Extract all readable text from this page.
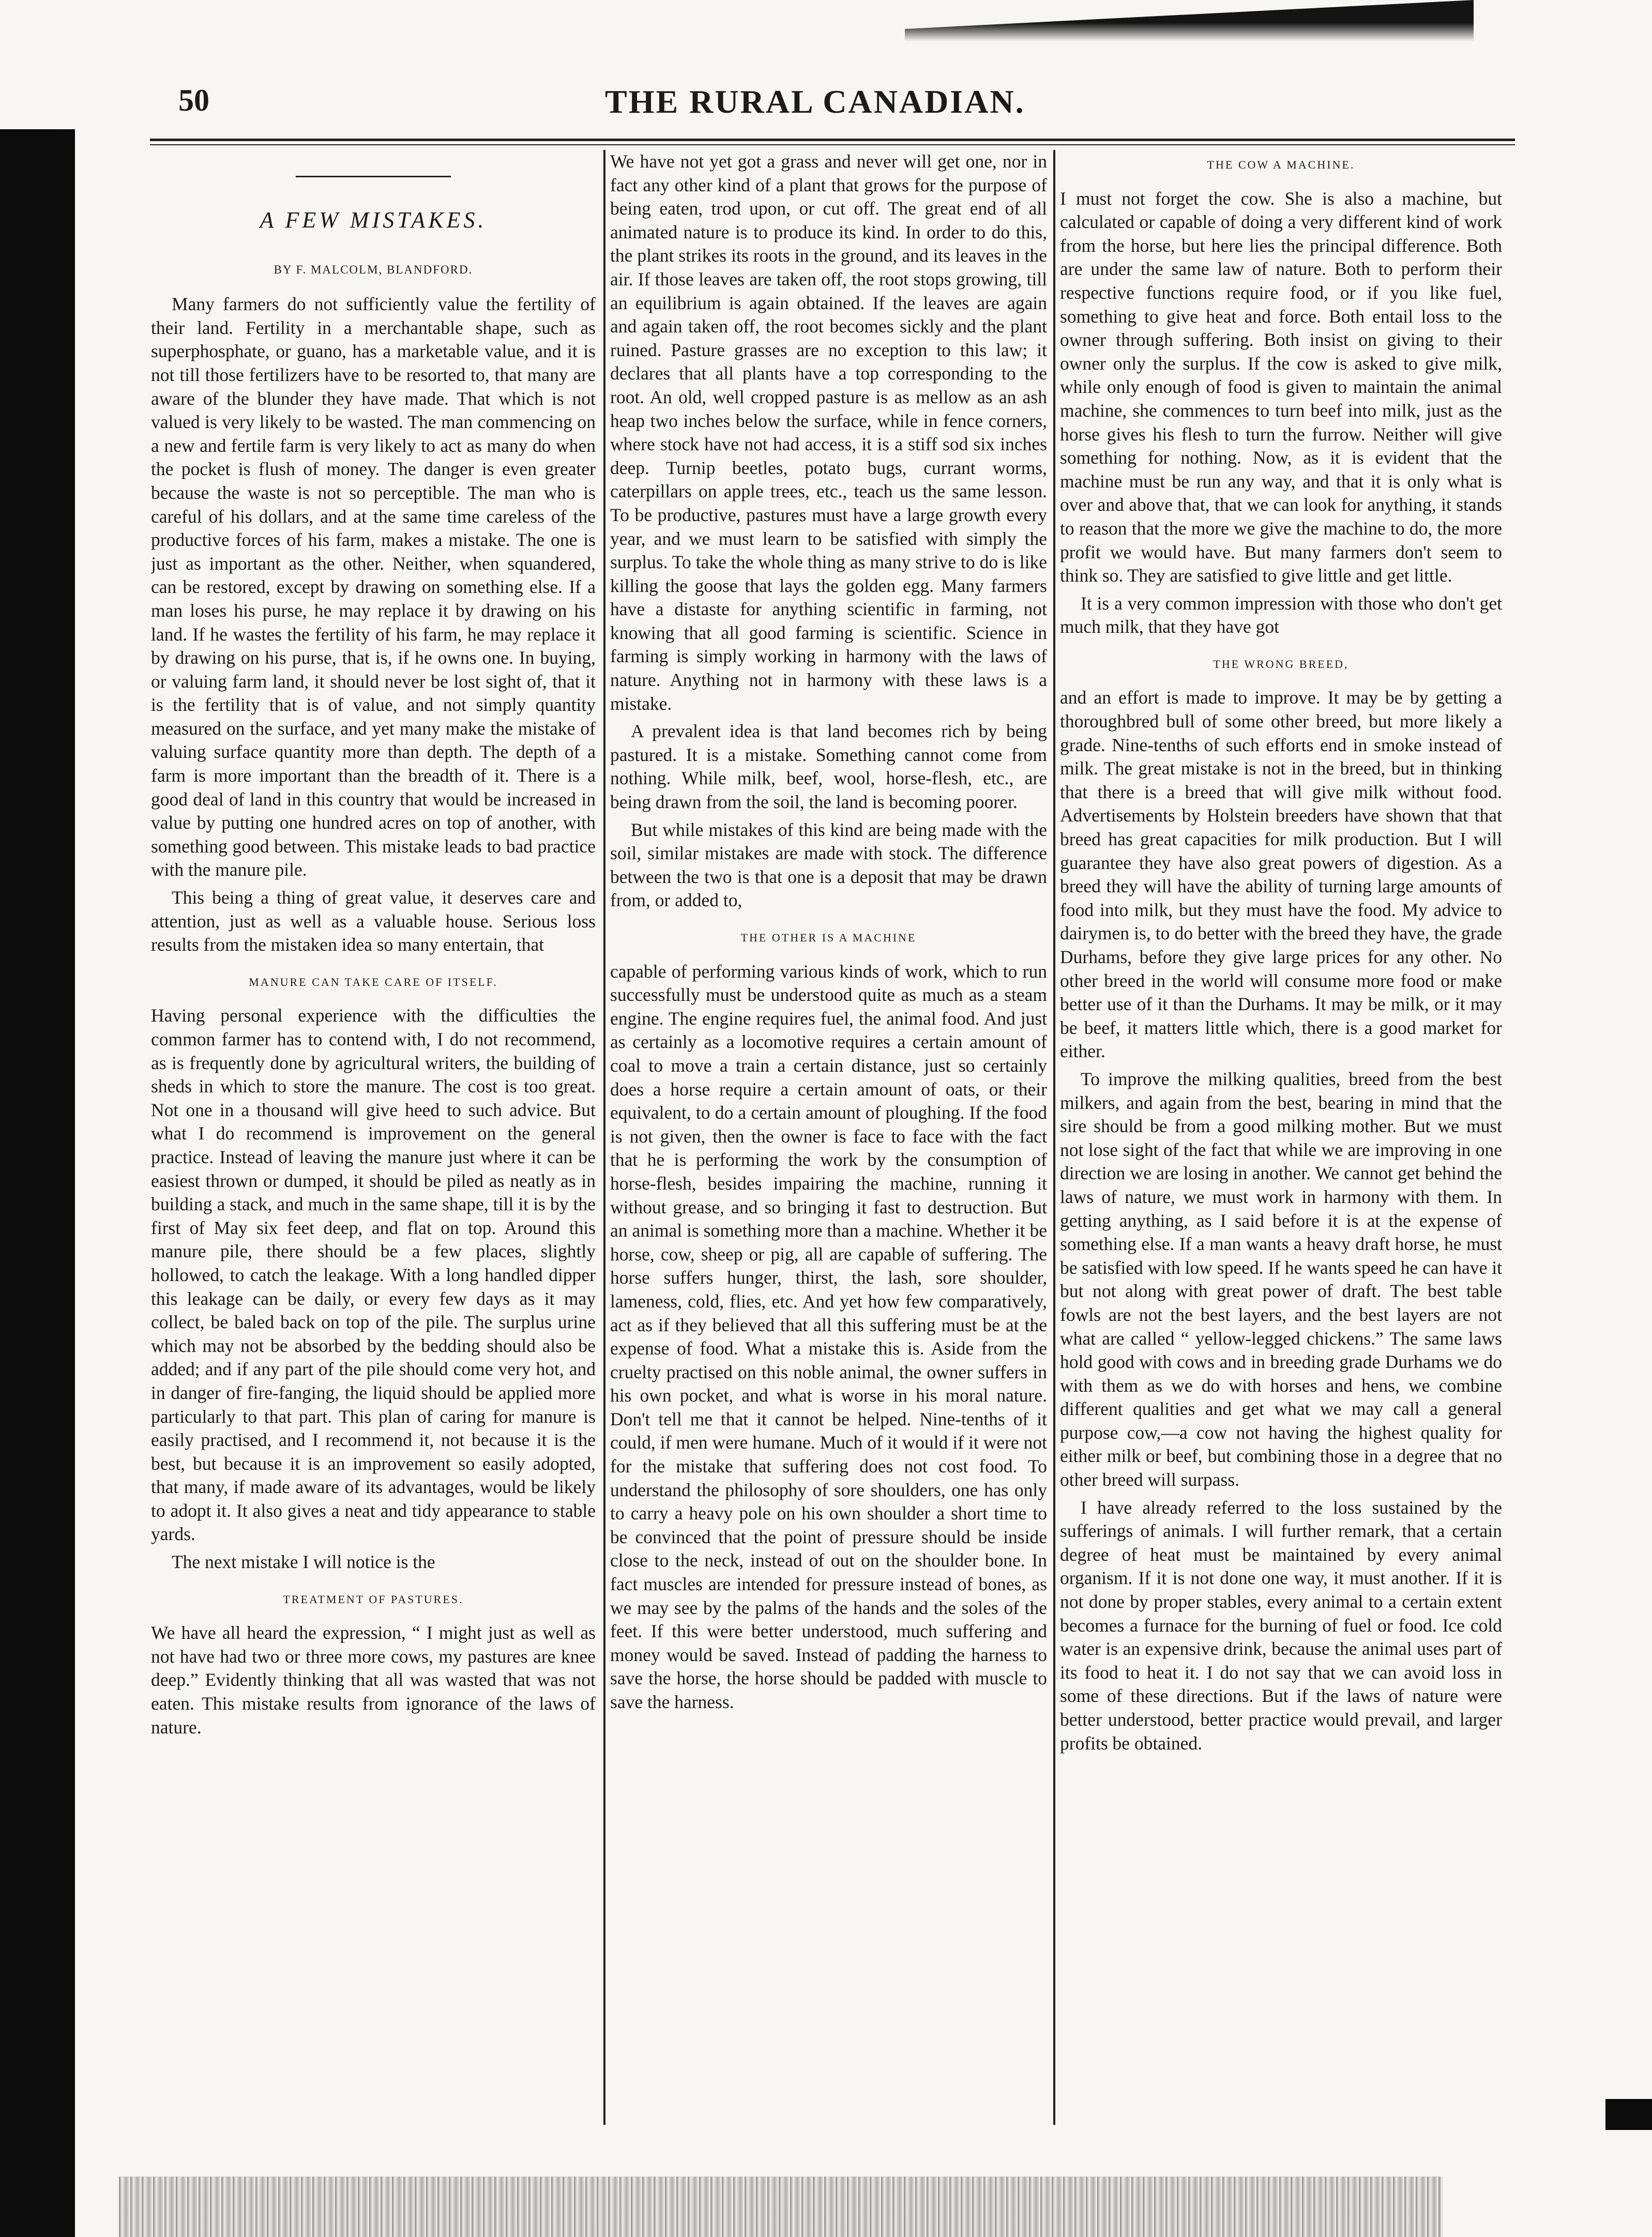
50	THE RURAL CANADIAN.
A FEW MISTAKES.
BY F. MALCOLM, BLANDFORD.

Many farmers do not sufficiently value the fertility of their land. Fertility in a merchantable shape, such as superphosphate, or guano, has a marketable value, and it is not till those fertilizers have to be resorted to, that many are aware of the blunder they have made. That which is not valued is very likely to be wasted. The man commencing on a new and fertile farm is very likely to act as many do when the pocket is flush of money. The danger is even greater because the waste is not so perceptible. The man who is careful of his dollars, and at the same time careless of the productive forces of his farm, makes a mistake. The one is just as important as the other. Neither, when squandered, can be restored, except by drawing on something else. If a man loses his purse, he may replace it by drawing on his land. If he wastes the fertility of his farm, he may replace it by drawing on his purse, that is, if he owns one. In buying, or valuing farm land, it should never be lost sight of, that it is the fertility that is of value, and not simply quantity measured on the surface, and yet many make the mistake of valuing surface quantity more than depth. The depth of a farm is more important than the breadth of it. There is a good deal of land in this country that would be increased in value by putting one hundred acres on top of another, with something good between. This mistake leads to bad practice with the manure pile.

This being a thing of great value, it deserves care and attention, just as well as a valuable house. Serious loss results from the mistaken idea so many entertain, that

MANURE CAN TAKE CARE OF ITSELF.

Having personal experience with the difficulties the common farmer has to contend with, I do not recommend, as is frequently done by agricultural writers, the building of sheds in which to store the manure. The cost is too great. Not one in a thousand will give heed to such advice. But what I do recommend is improvement on the general practice. Instead of leaving the manure just where it can be easiest thrown or dumped, it should be piled as neatly as in building a stack, and much in the same shape, till it is by the first of May six feet deep, and flat on top. Around this manure pile, there should be a few places, slightly hollowed, to catch the leakage. With a long handled dipper this leakage can be daily, or every few days as it may collect, be baled back on top of the pile. The surplus urine which may not be absorbed by the bedding should also be added; and if any part of the pile should come very hot, and in danger of fire-fanging, the liquid should be applied more particularly to that part. This plan of caring for manure is easily practised, and I recommend it, not because it is the best, but because it is an improvement so easily adopted, that many, if made aware of its advantages, would be likely to adopt it. It also gives a neat and tidy appearance to stable yards.

The next mistake I will notice is the

TREATMENT OF PASTURES.

We have all heard the expression, “ I might just as well as not have had two or three more cows, my pastures are knee deep.” Evidently thinking that all was wasted that was not eaten. This mistake results from ignorance of the laws of nature.

We have not yet got a grass and never will get one, nor in fact any other kind of a plant that grows for the purpose of being eaten, trod upon, or cut off. The great end of all animated nature is to produce its kind. In order to do this, the plant strikes its roots in the ground, and its leaves in the air. If those leaves are taken off, the root stops growing, till an equilibrium is again obtained. If the leaves are again and again taken off, the root becomes sickly and the plant ruined. Pasture grasses are no exception to this law; it declares that all plants have a top corresponding to the root. An old, well cropped pasture is as mellow as an ash heap two inches below the surface, while in fence corners, where stock have not had access, it is a stiff sod six inches deep. Turnip beetles, potato bugs, currant worms, caterpillars on apple trees, etc., teach us the same lesson. To be productive, pastures must have a large growth every year, and we must learn to be satisfied with simply the surplus. To take the whole thing as many strive to do is like killing the goose that lays the golden egg. Many farmers have a distaste for anything scientific in farming, not knowing that all good farming is scientific. Science in farming is simply working in harmony with the laws of nature. Anything not in harmony with these laws is a mistake.

A prevalent idea is that land becomes rich by being pastured. It is a mistake. Something cannot come from nothing. While milk, beef, wool, horse-flesh, etc., are being drawn from the soil, the land is becoming poorer.

But while mistakes of this kind are being made with the soil, similar mistakes are made with stock. The difference between the two is that one is a deposit that may be drawn from, or added to,

THE OTHER IS A MACHINE

capable of performing various kinds of work, which to run successfully must be understood quite as much as a steam engine. The engine requires fuel, the animal food. And just as certainly as a locomotive requires a certain amount of coal to move a train a certain distance, just so certainly does a horse require a certain amount of oats, or their equivalent, to do a certain amount of ploughing. If the food is not given, then the owner is face to face with the fact that he is performing the work by the consumption of horse-flesh, besides impairing the machine, running it without grease, and so bringing it fast to destruction. But an animal is something more than a machine. Whether it be horse, cow, sheep or pig, all are capable of suffering. The horse suffers hunger, thirst, the lash, sore shoulder, lameness, cold, flies, etc. And yet how few comparatively, act as if they believed that all this suffering must be at the expense of food. What a mistake this is. Aside from the cruelty practised on this noble animal, the owner suffers in his own pocket, and what is worse in his moral nature. Don't tell me that it cannot be helped. Nine-tenths of it could, if men were humane. Much of it would if it were not for the mistake that suffering does not cost food. To understand the philosophy of sore shoulders, one has only to carry a heavy pole on his own shoulder a short time to be convinced that the point of pressure should be inside close to the neck, instead of out on the shoulder bone. In fact muscles are intended for pressure instead of bones, as we may see by the palms of the hands and the soles of the feet. If this were better understood, much suffering and money would be saved. Instead of padding the harness to save the horse, the horse should be padded with muscle to save the harness.

THE COW A MACHINE.

I must not forget the cow. She is also a machine, but calculated or capable of doing a very different kind of work from the horse, but here lies the principal difference. Both are under the same law of nature. Both to perform their respective functions require food, or if you like fuel, something to give heat and force. Both entail loss to the owner through suffering. Both insist on giving to their owner only the surplus. If the cow is asked to give milk, while only enough of food is given to maintain the animal machine, she commences to turn beef into milk, just as the horse gives his flesh to turn the furrow. Neither will give something for nothing. Now, as it is evident that the machine must be run any way, and that it is only what is over and above that, that we can look for anything, it stands to reason that the more we give the machine to do, the more profit we would have. But many farmers don't seem to think so. They are satisfied to give little and get little.

It is a very common impression with those who don't get much milk, that they have got

THE WRONG BREED,

and an effort is made to improve. It may be by getting a thoroughbred bull of some other breed, but more likely a grade. Nine-tenths of such efforts end in smoke instead of milk. The great mistake is not in the breed, but in thinking that there is a breed that will give milk without food. Advertisements by Holstein breeders have shown that that breed has great capacities for milk production. But I will guarantee they have also great powers of digestion. As a breed they will have the ability of turning large amounts of food into milk, but they must have the food. My advice to dairymen is, to do better with the breed they have, the grade Durhams, before they give large prices for any other. No other breed in the world will consume more food or make better use of it than the Durhams. It may be milk, or it may be beef, it matters little which, there is a good market for either.

To improve the milking qualities, breed from the best milkers, and again from the best, bearing in mind that the sire should be from a good milking mother. But we must not lose sight of the fact that while we are improving in one direction we are losing in another. We cannot get behind the laws of nature, we must work in harmony with them. In getting anything, as I said before it is at the expense of something else. If a man wants a heavy draft horse, he must be satisfied with low speed. If he wants speed he can have it but not along with great power of draft. The best table fowls are not the best layers, and the best layers are not what are called “ yellow-legged chickens.” The same laws hold good with cows and in breeding grade Durhams we do with them as we do with horses and hens, we combine different qualities and get what we may call a general purpose cow,—a cow not having the highest quality for either milk or beef, but combining those in a degree that no other breed will surpass.

I have already referred to the loss sustained by the sufferings of animals. I will further remark, that a certain degree of heat must be maintained by every animal organism. If it is not done one way, it must another. If it is not done by proper stables, every animal to a certain extent becomes a furnace for the burning of fuel or food. Ice cold water is an expensive drink, because the animal uses part of its food to heat it. I do not say that we can avoid loss in some of these directions. But if the laws of nature were better understood, better practice would prevail, and larger profits be obtained.
